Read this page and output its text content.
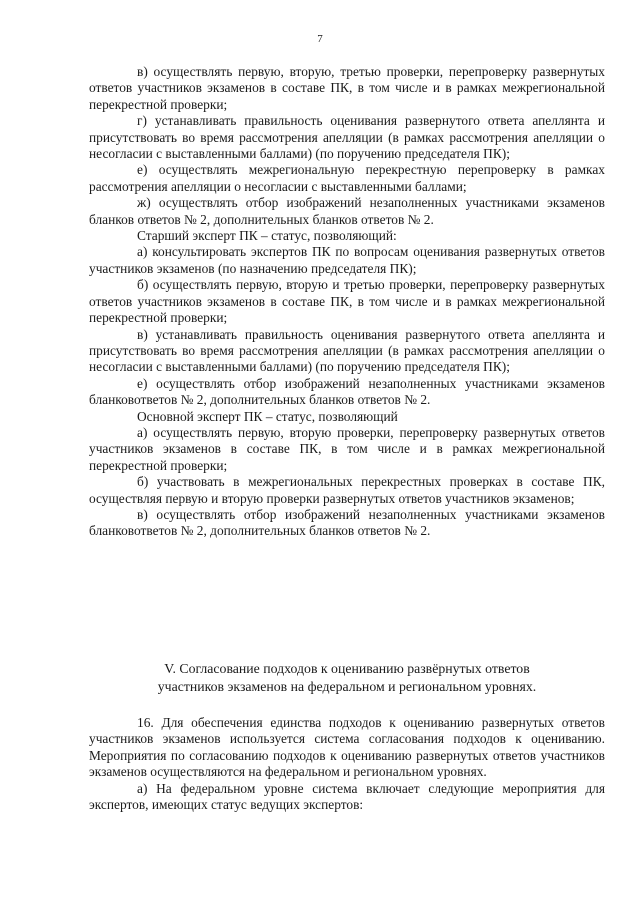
7

в) осуществлять первую, вторую, третью проверки, перепроверку развернутых ответов участников экзаменов в составе ПК, в том числе и в рамках межрегиональной перекрестной проверки;

г) устанавливать правильность оценивания развернутого ответа апеллянта и присутствовать во время рассмотрения апелляции (в рамках рассмотрения апелляции о несогласии с выставленными баллами) (по поручению председателя ПК);

е) осуществлять межрегиональную перекрестную перепроверку в рамках рассмотрения апелляции о несогласии с выставленными баллами;

ж) осуществлять отбор изображений незаполненных участниками экзаменов бланков ответов № 2, дополнительных бланков ответов № 2.

Старший эксперт ПК – статус, позволяющий:

а) консультировать экспертов ПК по вопросам оценивания развернутых ответов участников экзаменов (по назначению председателя ПК);

б) осуществлять первую, вторую и третью проверки, перепроверку развернутых ответов участников экзаменов в составе ПК, в том числе и в рамках межрегиональной перекрестной проверки;

в) устанавливать правильность оценивания развернутого ответа апеллянта и присутствовать во время рассмотрения апелляции (в рамках рассмотрения апелляции о несогласии с выставленными баллами) (по поручению председателя ПК);

е) осуществлять отбор изображений незаполненных участниками экзаменов бланковответов № 2, дополнительных бланков ответов № 2.

Основной эксперт ПК – статус, позволяющий

а) осуществлять первую, вторую проверки, перепроверку развернутых ответов участников экзаменов в составе ПК, в том числе и в рамках межрегиональной перекрестной проверки;

б) участвовать в межрегиональных перекрестных проверках в составе ПК, осуществляя первую и вторую проверки развернутых ответов участников экзаменов;

в) осуществлять отбор изображений незаполненных участниками экзаменов бланковответов № 2, дополнительных бланков ответов № 2.

V. Согласование подходов к оцениванию развёрнутых ответов
участников экзаменов на федеральном и региональном уровнях.

16. Для обеспечения единства подходов к оцениванию развернутых ответов участников экзаменов используется система согласования подходов к оцениванию. Мероприятия по согласованию подходов к оцениванию развернутых ответов участников экзаменов осуществляются на федеральном и региональном уровнях.

а) На федеральном уровне система включает следующие мероприятия для экспертов, имеющих статус ведущих экспертов:
